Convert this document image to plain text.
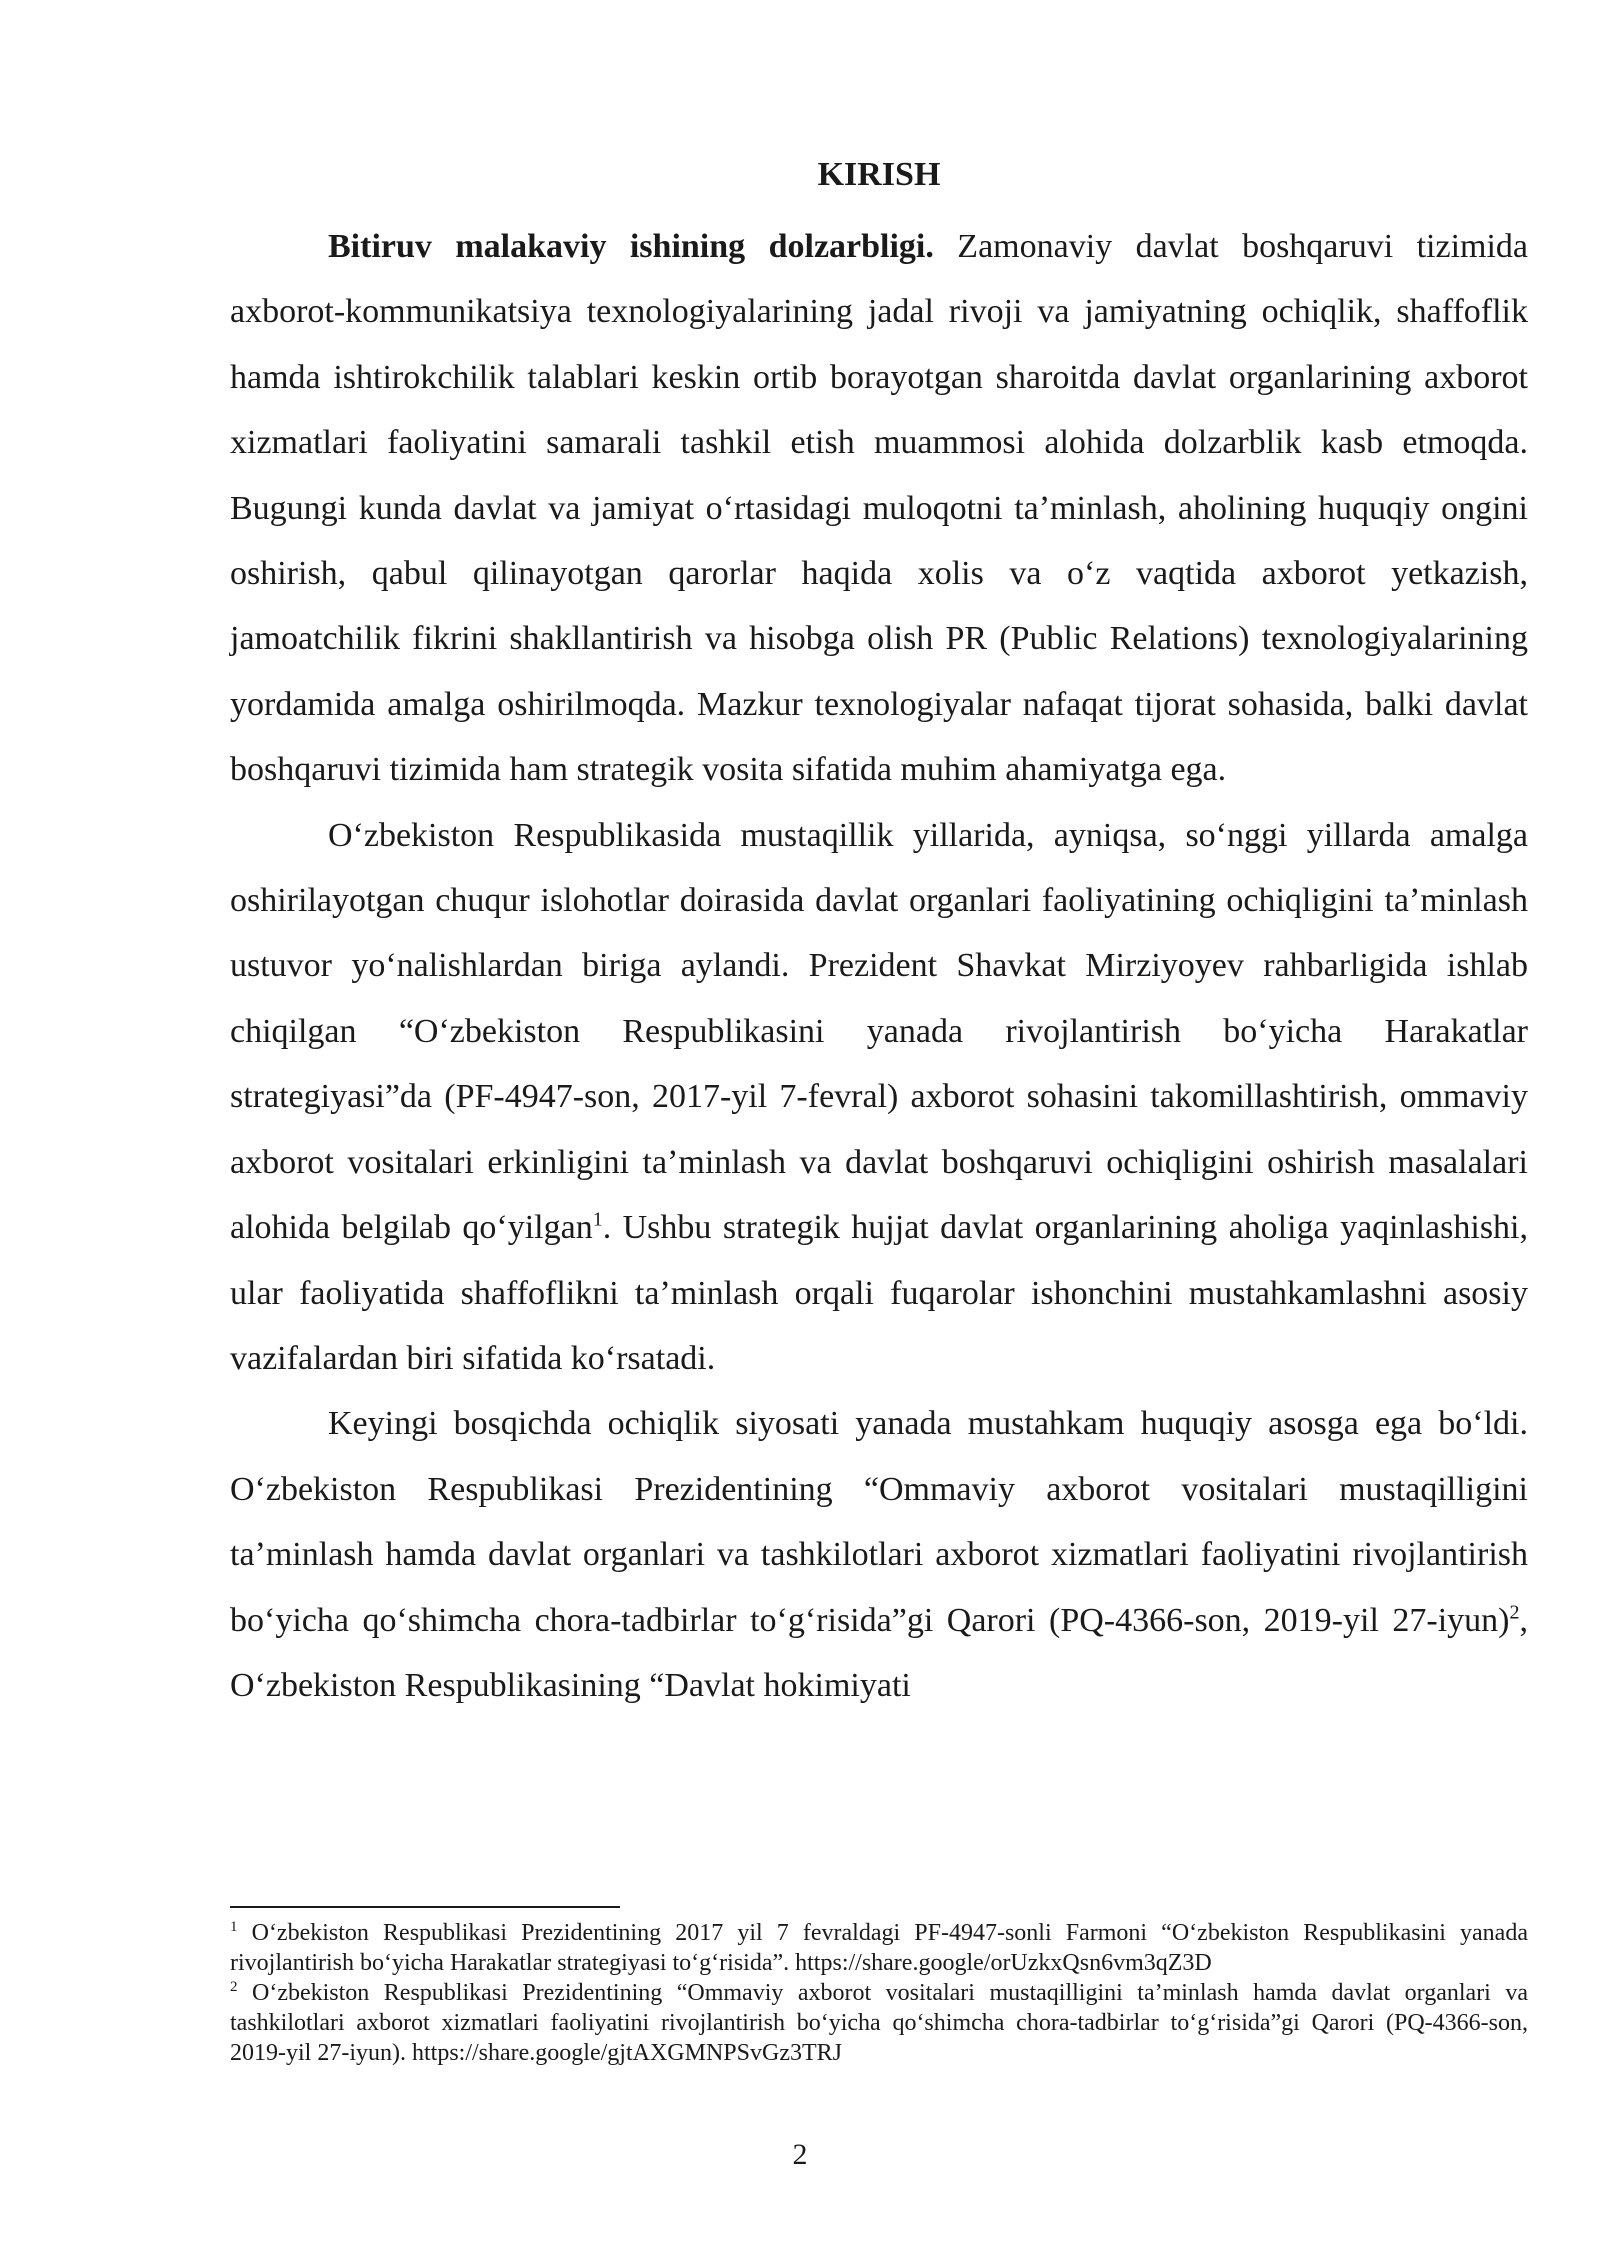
KIRISH

Bitiruv malakaviy ishining dolzarbligi. Zamonaviy davlat boshqaruvi tizimida axborot-kommunikatsiya texnologiyalarining jadal rivoji va jamiyatning ochiqlik, shaffoflik hamda ishtirokchilik talablari keskin ortib borayotgan sharoitda davlat organlarining axborot xizmatlari faoliyatini samarali tashkil etish muammosi alohida dolzarblik kasb etmoqda. Bugungi kunda davlat va jamiyat oʻrtasidagi muloqotni taʼminlash, aholining huquqiy ongini oshirish, qabul qilinayotgan qarorlar haqida xolis va oʻz vaqtida axborot yetkazish, jamoatchilik fikrini shakllantirish va hisobga olish PR (Public Relations) texnologiyalarining yordamida amalga oshirilmoqda. Mazkur texnologiyalar nafaqat tijorat sohasida, balki davlat boshqaruvi tizimida ham strategik vosita sifatida muhim ahamiyatga ega.

Oʻzbekiston Respublikasida mustaqillik yillarida, ayniqsa, soʻnggi yillarda amalga oshirilayotgan chuqur islohotlar doirasida davlat organlari faoliyatining ochiqligini taʼminlash ustuvor yoʻnalishlardan biriga aylandi. Prezident Shavkat Mirziyoyev rahbarligida ishlab chiqilgan “Oʻzbekiston Respublikasini yanada rivojlantirish boʻyicha Harakatlar strategiyasi”da (PF-4947-son, 2017-yil 7-fevral) axborot sohasini takomillashtirish, ommaviy axborot vositalari erkinligini taʼminlash va davlat boshqaruvi ochiqligini oshirish masalalari alohida belgilab qoʻyilgan$^1$. Ushbu strategik hujjat davlat organlarining aholiga yaqinlashishi, ular faoliyatida shaffoflikni taʼminlash orqali fuqarolar ishonchini mustahkamlashni asosiy vazifalardan biri sifatida koʻrsatadi.

Keyingi bosqichda ochiqlik siyosati yanada mustahkam huquqiy asosga ega boʻldi. Oʻzbekiston Respublikasi Prezidentining “Ommaviy axborot vositalari mustaqilligini taʼminlash hamda davlat organlari va tashkilotlari axborot xizmatlari faoliyatini rivojlantirish boʻyicha qoʻshimcha chora-tadbirlar toʻgʻrisida”gi Qarori (PQ-4366-son, 2019-yil 27-iyun)$^2$, Oʻzbekiston Respublikasining “Davlat hokimiyati

$^1$ Oʻzbekiston Respublikasi Prezidentining 2017 yil 7 fevraldagi PF-4947-sonli Farmoni “Oʻzbekiston Respublikasini yanada rivojlantirish boʻyicha Harakatlar strategiyasi toʻgʻrisida”. https://share.google/orUzkxQsn6vm3qZ3D

$^2$ Oʻzbekiston Respublikasi Prezidentining “Ommaviy axborot vositalari mustaqilligini taʼminlash hamda davlat organlari va tashkilotlari axborot xizmatlari faoliyatini rivojlantirish boʻyicha qoʻshimcha chora-tadbirlar toʻgʻrisida”gi Qarori (PQ-4366-son, 2019-yil 27-iyun). https://share.google/gjtAXGMNPSvGz3TRJ

2
